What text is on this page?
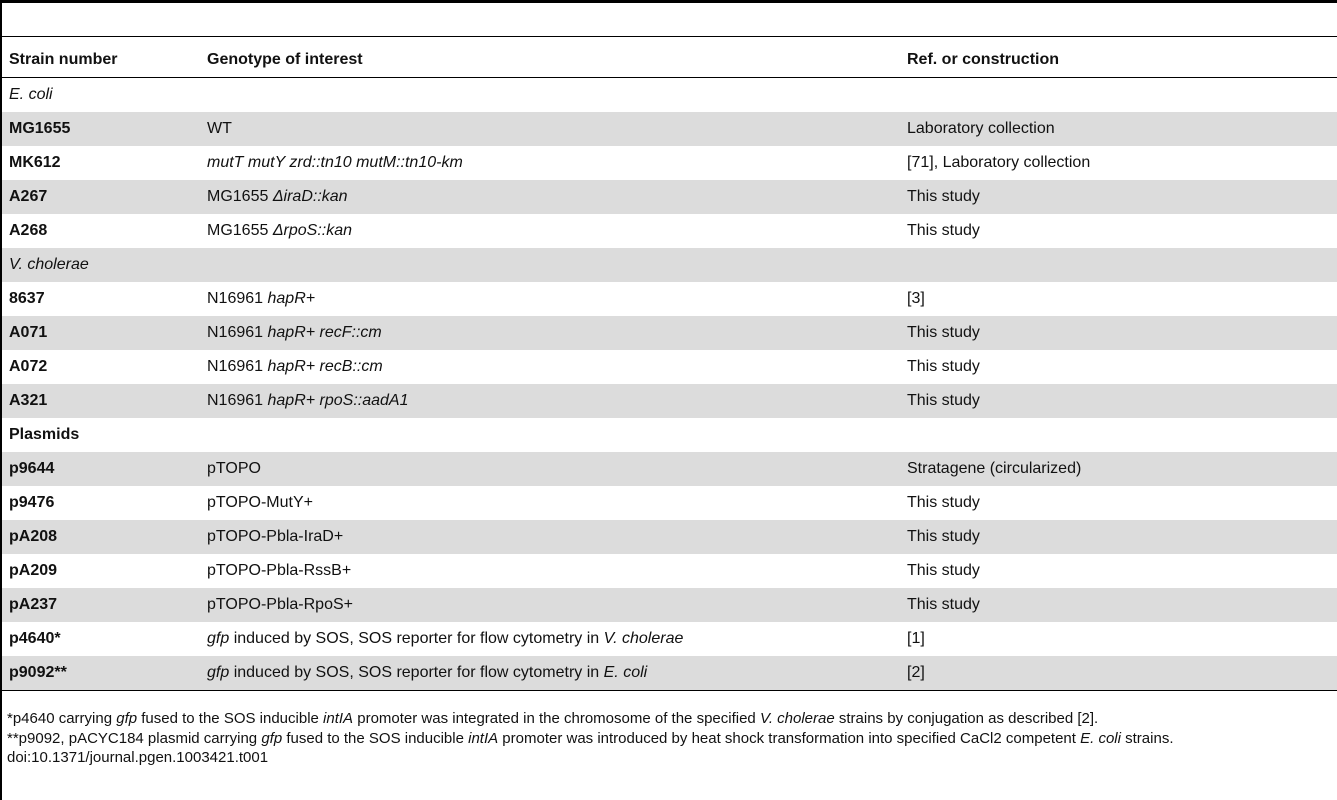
Strain number	Genotype of interest	Ref. or construction
E. coli		
MG1655	WT	Laboratory collection
MK612	mutT mutY zrd::tn10 mutM::tn10-km	[71], Laboratory collection
A267	MG1655 ΔiraD::kan	This study
A268	MG1655 ΔrpoS::kan	This study
V. cholerae		
8637	N16961 hapR+	[3]
A071	N16961 hapR+ recF::cm	This study
A072	N16961 hapR+ recB::cm	This study
A321	N16961 hapR+ rpoS::aadA1	This study
Plasmids		
p9644	pTOPO	Stratagene (circularized)
p9476	pTOPO-MutY+	This study
pA208	pTOPO-Pbla-IraD+	This study
pA209	pTOPO-Pbla-RssB+	This study
pA237	pTOPO-Pbla-RpoS+	This study
p4640*	gfp induced by SOS, SOS reporter for flow cytometry in V. cholerae	[1]
p9092**	gfp induced by SOS, SOS reporter for flow cytometry in E. coli	[2]

*p4640 carrying gfp fused to the SOS inducible intIA promoter was integrated in the chromosome of the specified V. cholerae strains by conjugation as described [2].

**p9092, pACYC184 plasmid carrying gfp fused to the SOS inducible intIA promoter was introduced by heat shock transformation into specified CaCl2 competent E. coli strains.

doi:10.1371/journal.pgen.1003421.t001
